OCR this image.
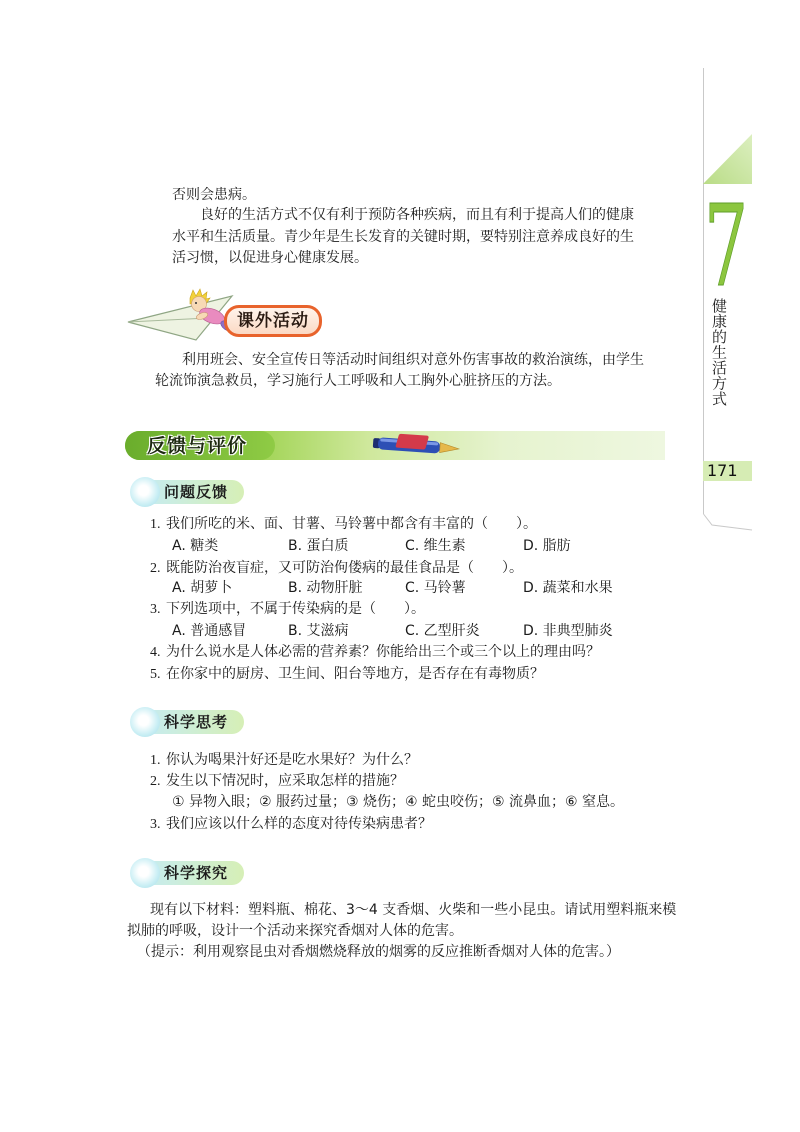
7
健康的生活方式
171
否则会患病。
良好的生活方式不仅有利于预防各种疾病，而且有利于提高人们的健康
水平和生活质量。青少年是生长发育的关键时期，要特别注意养成良好的生
活习惯，以促进身心健康发展。
课外活动
利用班会、安全宣传日等活动时间组织对意外伤害事故的救治演练，由学生
轮流饰演急救员，学习施行人工呼吸和人工胸外心脏挤压的方法。
反馈与评价
问题反馈
1. 我们所吃的米、面、甘薯、马铃薯中都含有丰富的（　　）。
A. 糖类	B. 蛋白质	C. 维生素	D. 脂肪
2. 既能防治夜盲症，又可防治佝偻病的最佳食品是（　　）。
A. 胡萝卜	B. 动物肝脏	C. 马铃薯	D. 蔬菜和水果
3. 下列选项中，不属于传染病的是（　　）。
A. 普通感冒	B. 艾滋病	C. 乙型肝炎	D. 非典型肺炎
4. 为什么说水是人体必需的营养素？你能给出三个或三个以上的理由吗？
5. 在你家中的厨房、卫生间、阳台等地方，是否存在有毒物质？
科学思考
1. 你认为喝果汁好还是吃水果好？为什么？
2. 发生以下情况时，应采取怎样的措施？
① 异物入眼；② 服药过量；③ 烧伤；④ 蛇虫咬伤；⑤ 流鼻血；⑥ 窒息。
3. 我们应该以什么样的态度对待传染病患者？
科学探究
现有以下材料：塑料瓶、棉花、3～4 支香烟、火柴和一些小昆虫。请试用塑料瓶来模
拟肺的呼吸，设计一个活动来探究香烟对人体的危害。
（提示：利用观察昆虫对香烟燃烧释放的烟雾的反应推断香烟对人体的危害。）
